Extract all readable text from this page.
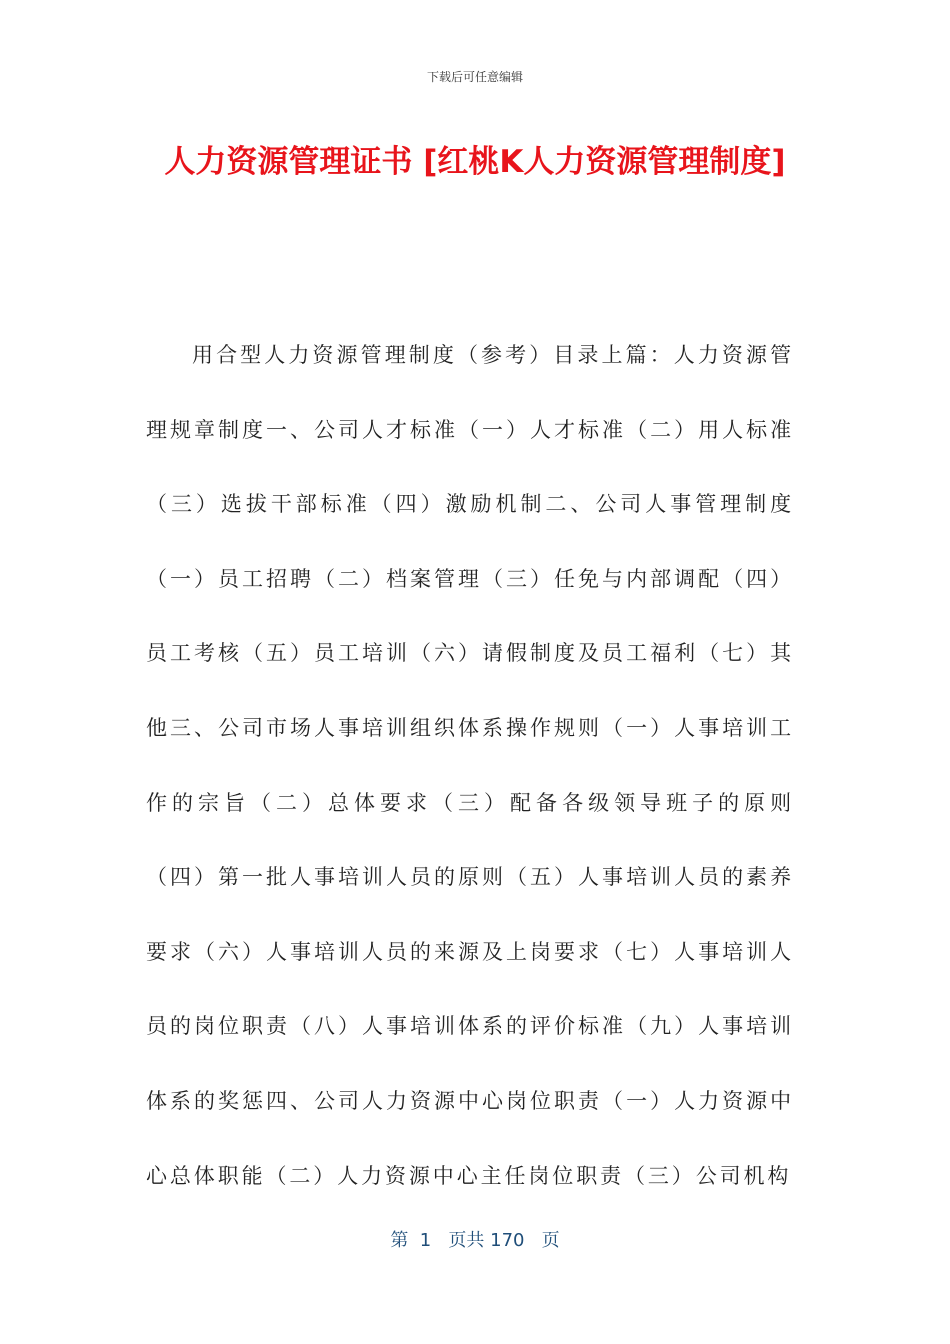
下载后可任意编辑
人力资源管理证书 [红桃K人力资源管理制度]

用合型人力资源管理制度（参考）目录上篇：人力资源管理规章制度一、公司人才标准（一）人才标准（二）用人标准（三）选拔干部标准（四）激励机制二、公司人事管理制度（一）员工招聘（二）档案管理（三）任免与内部调配（四）员工考核（五）员工培训（六）请假制度及员工福利（七）其他三、公司市场人事培训组织体系操作规则（一）人事培训工作的宗旨（二）总体要求（三）配备各级领导班子的原则（四）第一批人事培训人员的原则（五）人事培训人员的素养要求（六）人事培训人员的来源及上岗要求（七）人事培训人员的岗位职责（八）人事培训体系的评价标准（九）人事培训体系的奖惩四、公司人力资源中心岗位职责（一）人力资源中心总体职能（二）人力资源中心主任岗位职责（三）公司机构

第  1   页共 170   页
